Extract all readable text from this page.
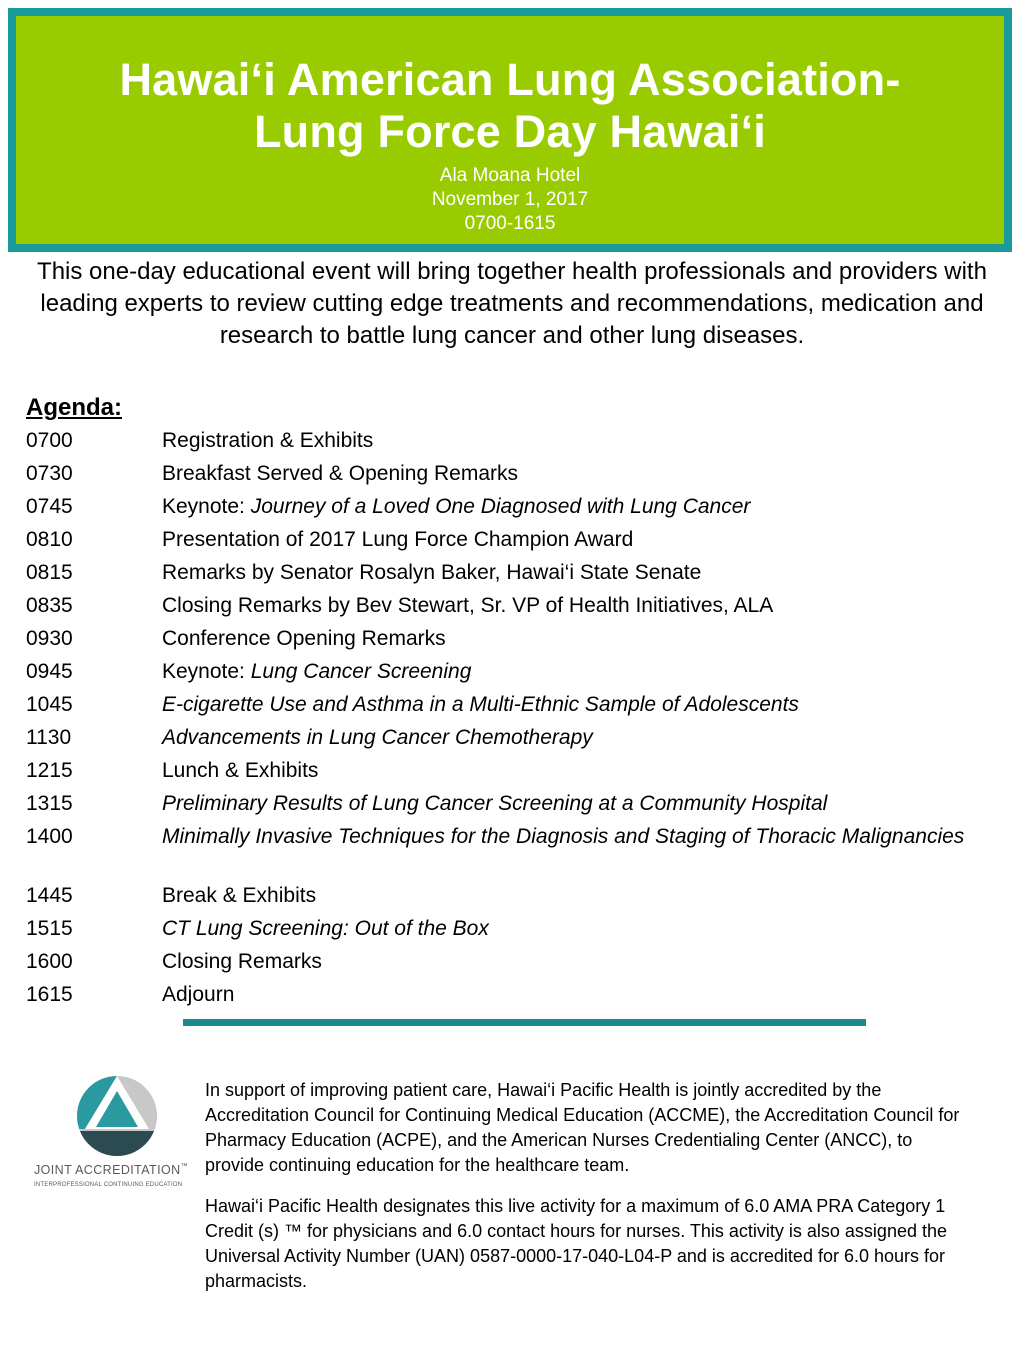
Hawai‘i American Lung Association-
Lung Force Day Hawai‘i
Ala Moana Hotel
November 1, 2017
0700-1615
This one-day educational event will bring together health professionals and providers with leading experts to review cutting edge treatments and recommendations, medication and research to battle lung cancer and other lung diseases.
Agenda:
0700	Registration & Exhibits
0730	Breakfast Served & Opening Remarks
0745	Keynote: Journey of a Loved One Diagnosed with Lung Cancer
0810	Presentation of 2017 Lung Force Champion Award
0815	Remarks by Senator Rosalyn Baker, Hawai‘i State Senate
0835	Closing Remarks by Bev Stewart, Sr. VP of Health Initiatives, ALA
0930	Conference Opening Remarks
0945	Keynote: Lung Cancer Screening
1045	E-cigarette Use and Asthma in a Multi-Ethnic Sample of Adolescents
1130	Advancements in Lung Cancer Chemotherapy
1215	Lunch & Exhibits
1315	Preliminary Results of Lung Cancer Screening at a Community Hospital
1400	Minimally Invasive Techniques for the Diagnosis and Staging of Thoracic Malignancies
1445	Break & Exhibits
1515	CT Lung Screening: Out of the Box
1600	Closing Remarks
1615	Adjourn
JOINT ACCREDITATION™
INTERPROFESSIONAL CONTINUING EDUCATION

In support of improving patient care, Hawai‘i Pacific Health is jointly accredited by the Accreditation Council for Continuing Medical Education (ACCME), the Accreditation Council for Pharmacy Education (ACPE), and the American Nurses Credentialing Center (ANCC), to provide continuing education for the healthcare team.

Hawai‘i Pacific Health designates this live activity for a maximum of 6.0 AMA PRA Category 1 Credit (s) ™ for physicians and 6.0 contact hours for nurses. This activity is also assigned the Universal Activity Number (UAN) 0587-0000-17-040-L04-P and is accredited for 6.0 hours for pharmacists.
